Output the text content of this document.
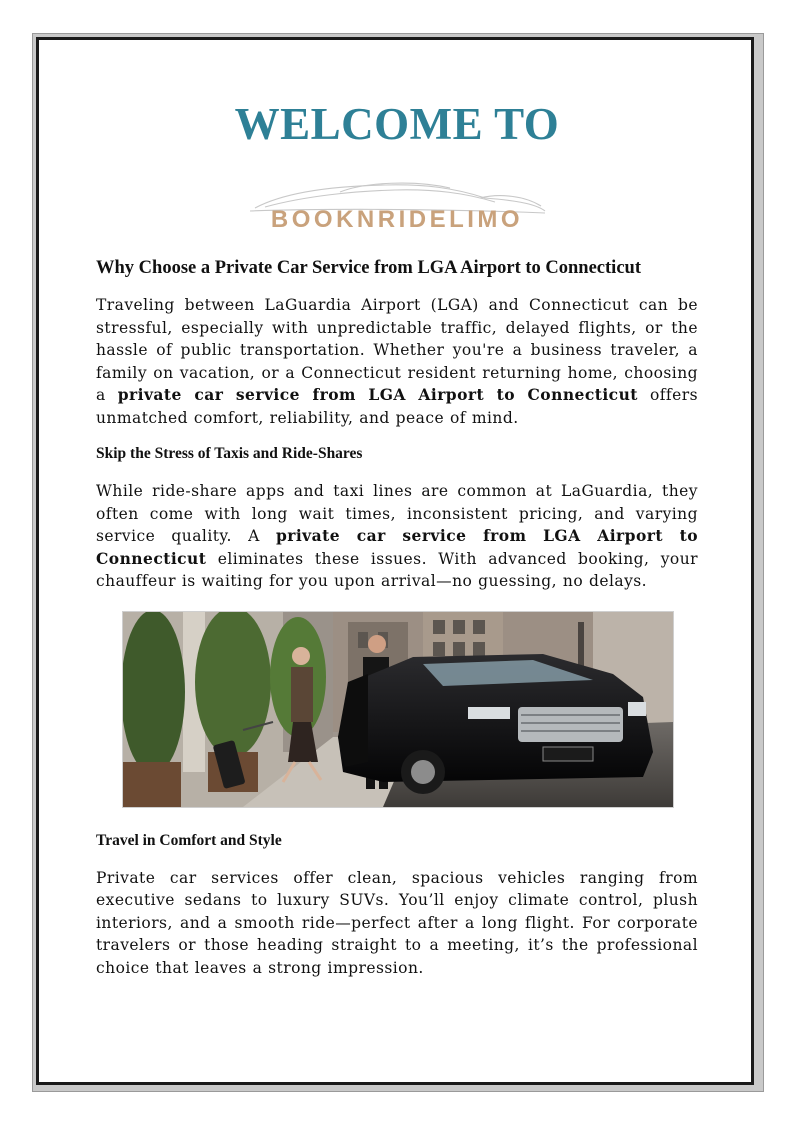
WELCOME TO
BOOKNRIDELIMO
Why Choose a Private Car Service from LGA Airport to Connecticut

Traveling between LaGuardia Airport (LGA) and Connecticut can be stressful, especially with unpredictable traffic, delayed flights, or the hassle of public transportation. Whether you're a business traveler, a family on vacation, or a Connecticut resident returning home, choosing a private car service from LGA Airport to Connecticut offers unmatched comfort, reliability, and peace of mind.

Skip the Stress of Taxis and Ride-Shares

While ride-share apps and taxi lines are common at LaGuardia, they often come with long wait times, inconsistent pricing, and varying service quality. A private car service from LGA Airport to Connecticut eliminates these issues. With advanced booking, your chauffeur is waiting for you upon arrival—no guessing, no delays.

Travel in Comfort and Style

Private car services offer clean, spacious vehicles ranging from executive sedans to luxury SUVs. You’ll enjoy climate control, plush interiors, and a smooth ride—perfect after a long flight. For corporate travelers or those heading straight to a meeting, it’s the professional choice that leaves a strong impression.
